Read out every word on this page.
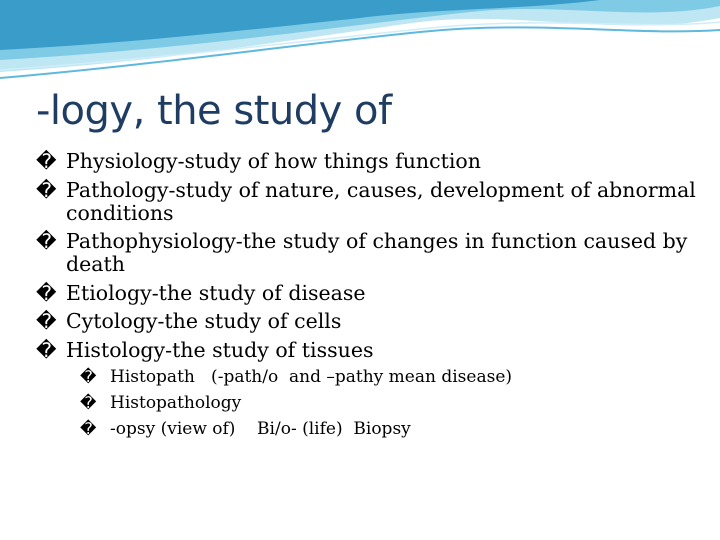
-logy, the study of
� Physiology-study of how things function
� Pathology-study of nature, causes, development of abnormal conditions
� Pathophysiology-the study of changes in function caused by death
� Etiology-the study of disease
� Cytology-the study of cells
� Histology-the study of tissues
� Histopath   (-path/o  and –pathy mean disease)
� Histopathology
� -opsy (view of)    Bi/o- (life)  Biopsy
